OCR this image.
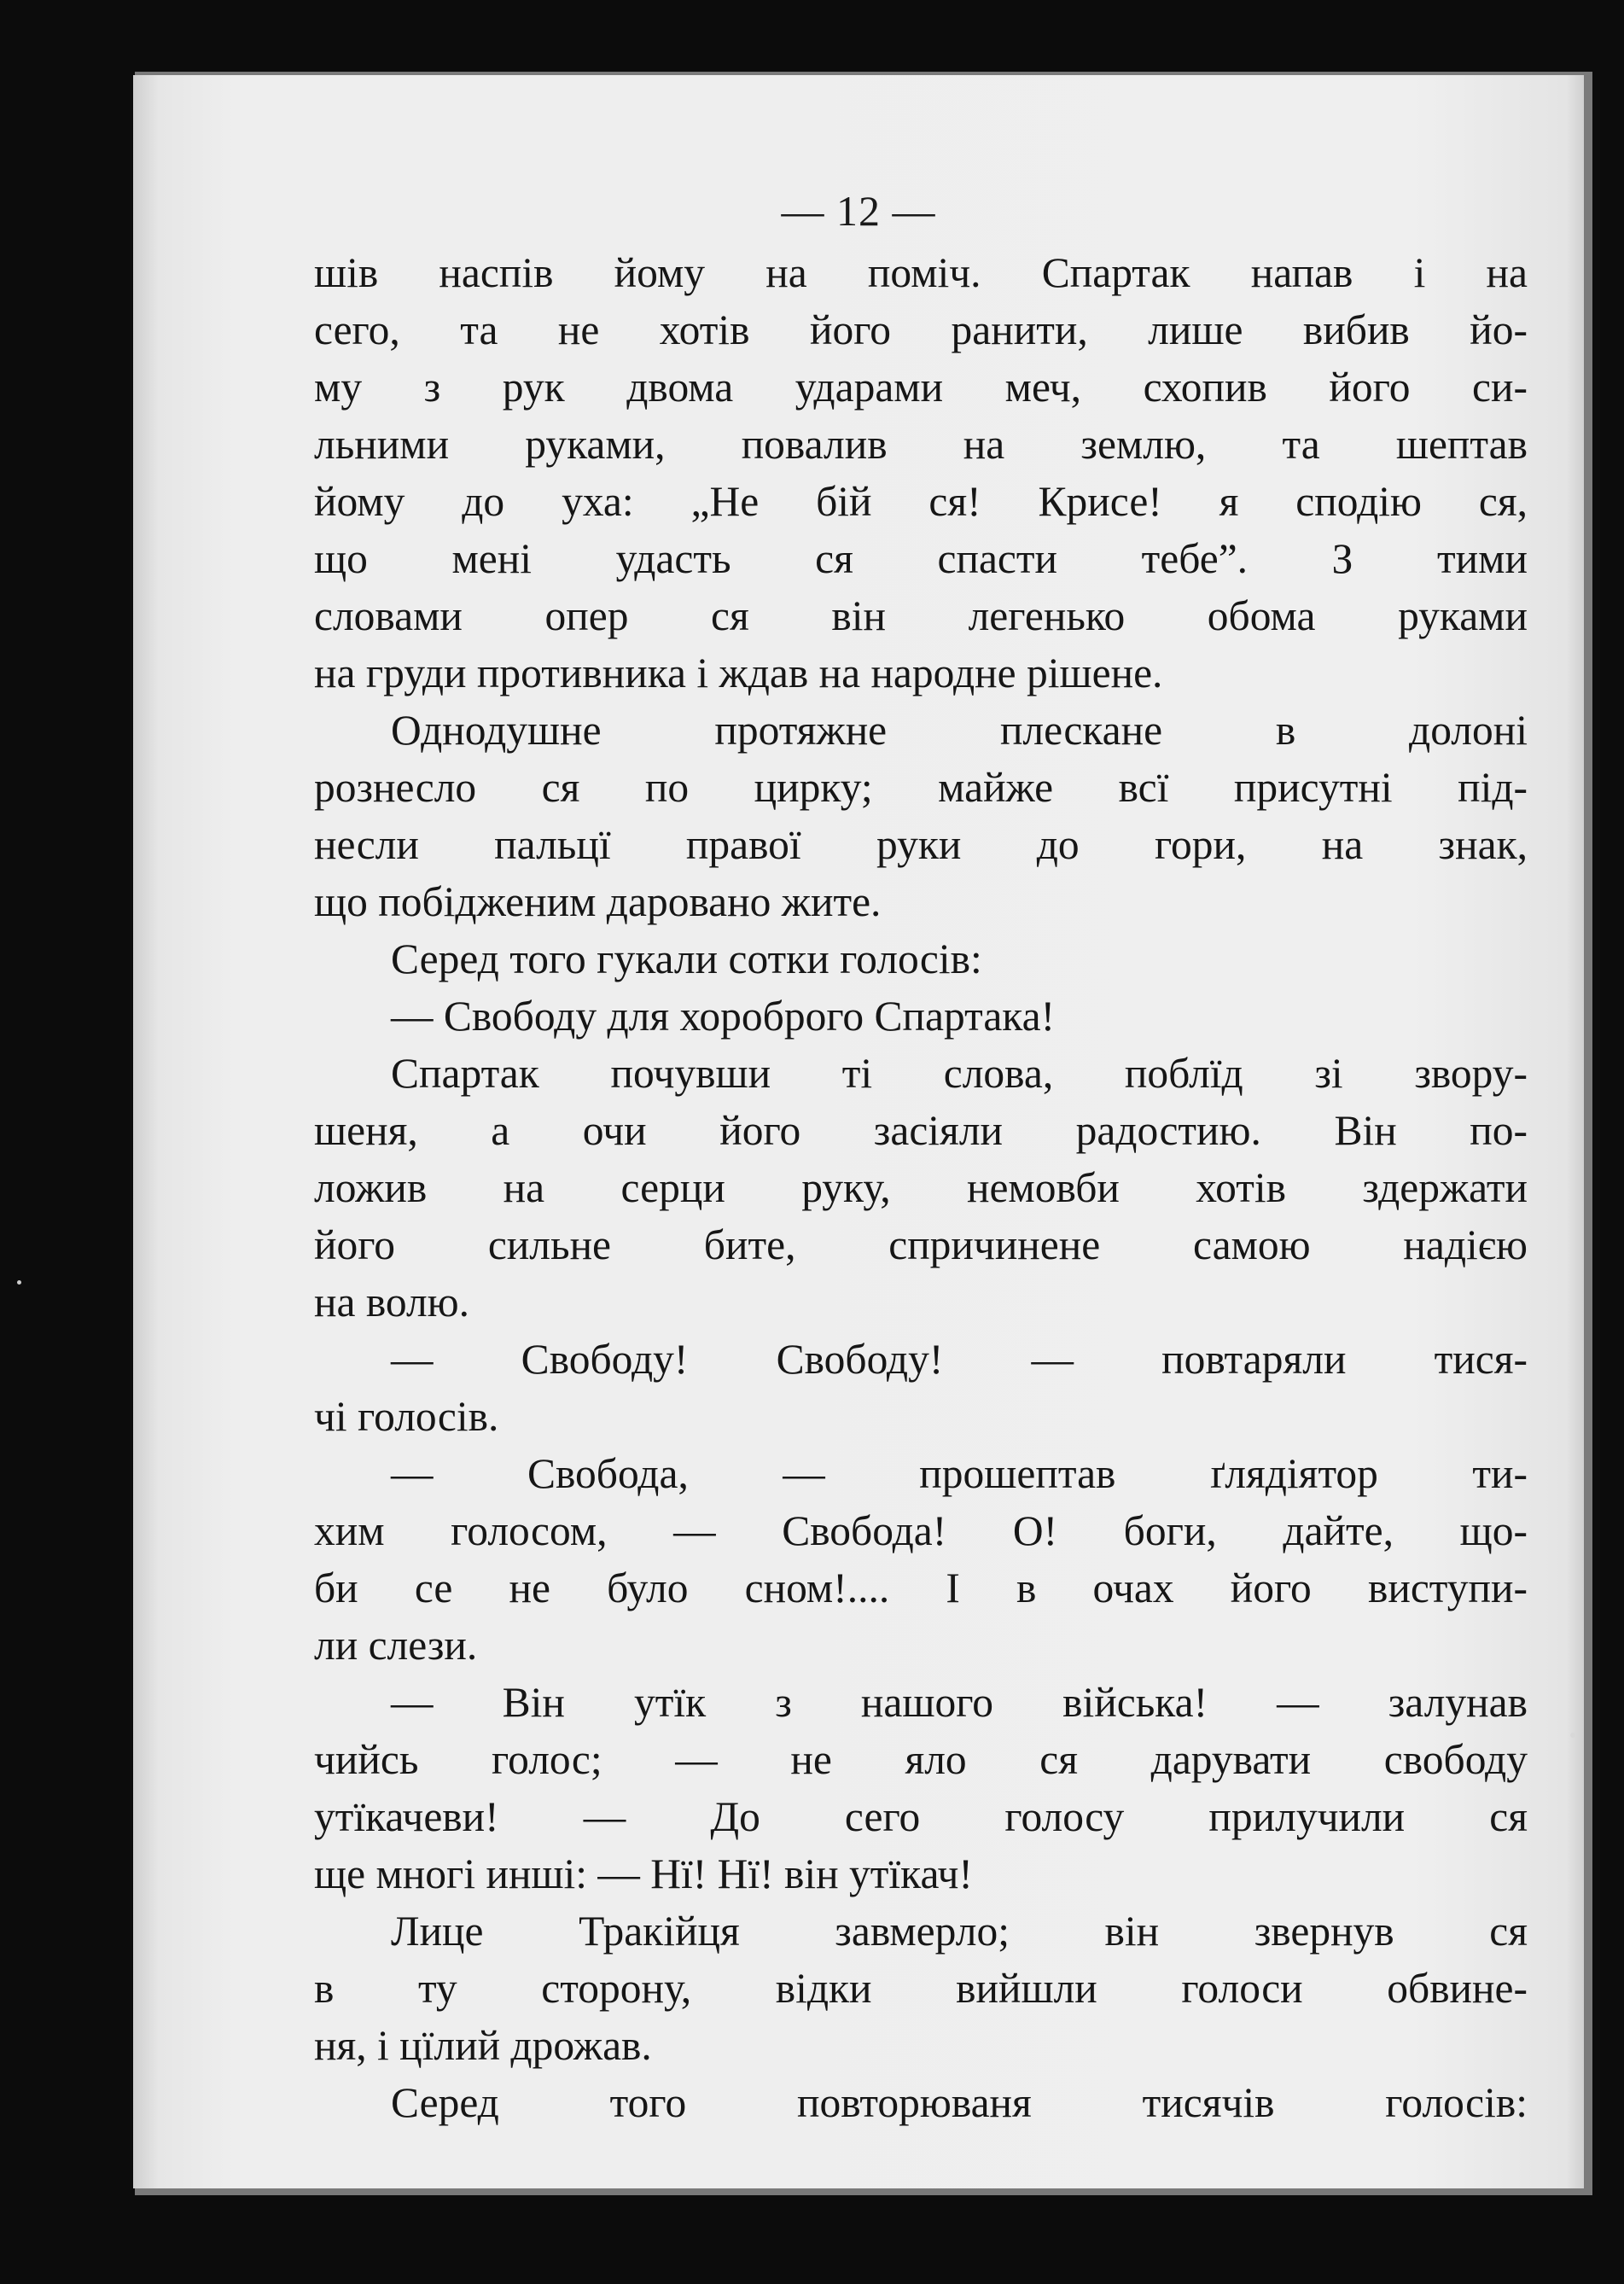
— 12 —
шів наспів йому на поміч. Спартак напав і на
сего, та не хотів його ранити, лише вибив йо-
му з рук двома ударами меч, схопив його си-
льними руками, повалив на землю, та шептав
йому до уха: „Не бій ся! Крисе! я сподію ся,
що мені удасть ся спасти тебе”. З тими
словами опер ся він легенько обома руками
на груди противника і ждав на народне рішене.
Однодушне протяжне плескане в долоні
рознесло ся по цирку; майже всї присутні під-
несли пальцї правої руки до гори, на знак,
що побідженим даровано жите.
Серед того гукали сотки голосів:
— Свободу для хороброго Спартака!
Спартак почувши ті слова, поблїд зі звору-
шеня, а очи його засіяли радостию. Він по-
ложив на серци руку, немовби хотів здержати
його сильне бите, спричинене самою надією
на волю.
— Свободу! Свободу! — повтаряли тися-
чі голосів.
— Свобода, — прошептав ґлядіятор ти-
хим голосом, — Свобода! О! боги, дайте, що-
би се не було сном!.... І в очах його виступи-
ли слези.
— Він утїк з нашого війська! — залунав
чийсь голос; — не яло ся дарувати свободу
утїкачеви! — До сего голосу прилучили ся
ще многі инші: — Нї! Нї! він утїкач!
Лице Тракійця завмерло; він звернув ся
в ту сторону, відки вийшли голоси обвине-
ня, і цїлий дрожав.
Серед того повторюваня тисячів голосів:
